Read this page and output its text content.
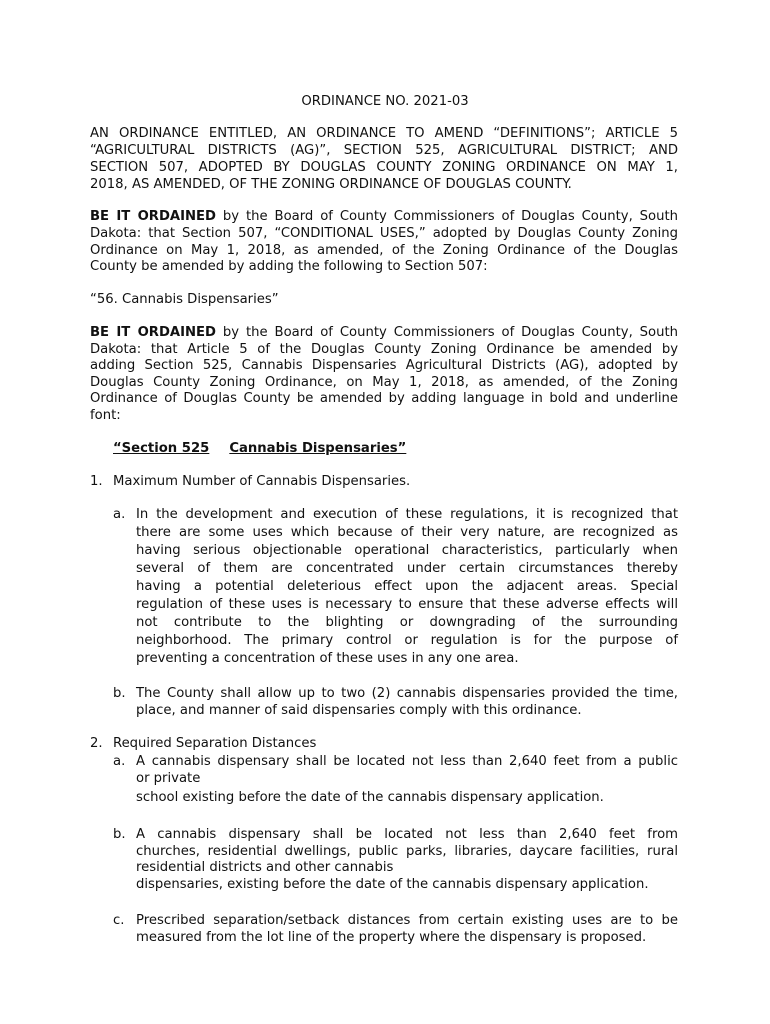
ORDINANCE NO. 2021-03
AN ORDINANCE ENTITLED, AN ORDINANCE TO AMEND “DEFINITIONS”; ARTICLE 5
“AGRICULTURAL DISTRICTS (AG)”, SECTION 525, AGRICULTURAL DISTRICT; AND
SECTION 507, ADOPTED BY DOUGLAS COUNTY ZONING ORDINANCE ON MAY 1,
2018, AS AMENDED, OF THE ZONING ORDINANCE OF DOUGLAS COUNTY.
BE IT ORDAINED by the Board of County Commissioners of Douglas County, South
Dakota: that Section 507, “CONDITIONAL USES,” adopted by Douglas County Zoning
Ordinance on May 1, 2018, as amended, of the Zoning Ordinance of the Douglas
County be amended by adding the following to Section 507:
“56. Cannabis Dispensaries”
BE IT ORDAINED by the Board of County Commissioners of Douglas County, South
Dakota: that Article 5 of the Douglas County Zoning Ordinance be amended by
adding Section 525, Cannabis Dispensaries Agricultural Districts (AG), adopted by
Douglas County Zoning Ordinance, on May 1, 2018, as amended, of the Zoning
Ordinance of Douglas County be amended by adding language in bold and underline
font:
“Section 525 Cannabis Dispensaries”
1. Maximum Number of Cannabis Dispensaries.
a. In the development and execution of these regulations, it is recognized that
there are some uses which because of their very nature, are recognized as
having serious objectionable operational characteristics, particularly when
several of them are concentrated under certain circumstances thereby
having a potential deleterious effect upon the adjacent areas. Special
regulation of these uses is necessary to ensure that these adverse effects will
not contribute to the blighting or downgrading of the surrounding
neighborhood. The primary control or regulation is for the purpose of
preventing a concentration of these uses in any one area.
b. The County shall allow up to two (2) cannabis dispensaries provided the time,
place, and manner of said dispensaries comply with this ordinance.
2. Required Separation Distances
a. A cannabis dispensary shall be located not less than 2,640 feet from a public
or private
school existing before the date of the cannabis dispensary application.
b. A cannabis dispensary shall be located not less than 2,640 feet from
churches, residential dwellings, public parks, libraries, daycare facilities, rural
residential districts and other cannabis
dispensaries, existing before the date of the cannabis dispensary application.
c. Prescribed separation/setback distances from certain existing uses are to be
measured from the lot line of the property where the dispensary is proposed.
